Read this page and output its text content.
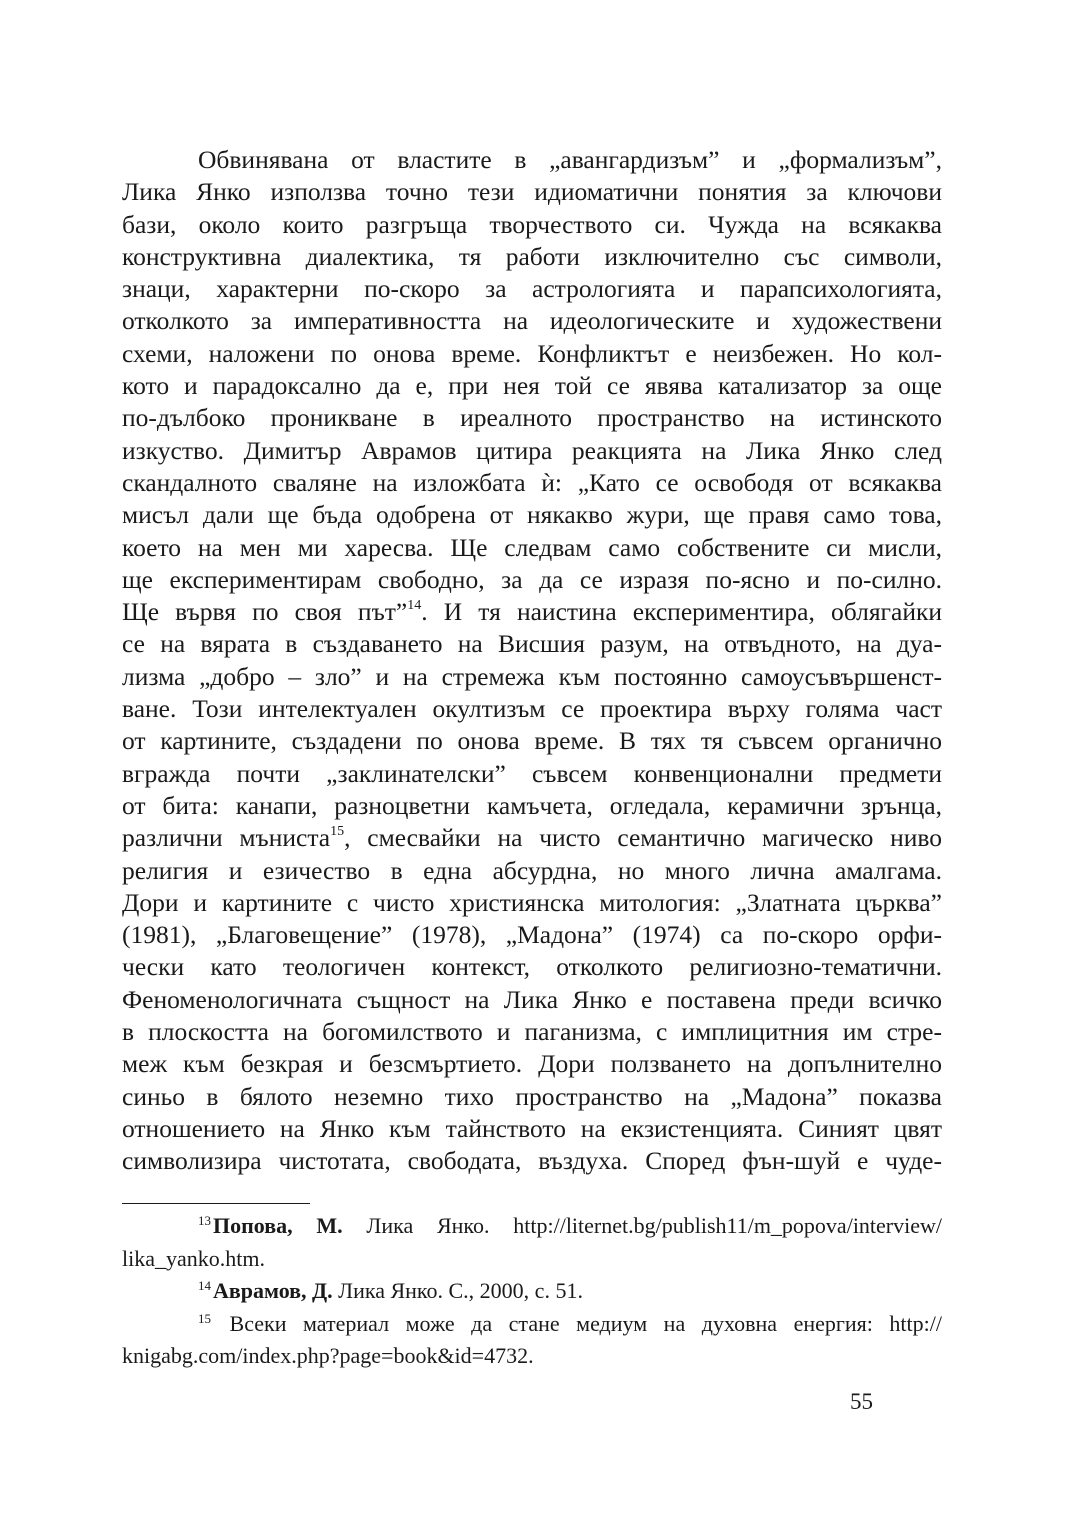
Обвинявана от властите в „авангардизъм” и „формализъм”,
Лика Янко използва точно тези идиоматични понятия за ключови
бази, около които разгръща творчеството си. Чужда на всякаква
конструктивна диалектика, тя работи изключително със символи,
знаци, характерни по-скоро за астрологията и парапсихологията,
отколкото за императивността на идеологическите и художествени
схеми, наложени по онова време. Конфликтът е неизбежен. Но кол-
кото и парадоксално да е, при нея той се явява катализатор за още
по-дълбоко проникване в иреалното пространство на истинското
изкуство. Димитър Аврамов цитира реакцията на Лика Янко след
скандалното сваляне на изложбата ѝ: „Като се освободя от всякаква
мисъл дали ще бъда одобрена от някакво жури, ще правя само това,
което на мен ми харесва. Ще следвам само собствените си мисли,
ще експериментирам свободно, за да се изразя по-ясно и по-силно.
Ще вървя по своя път”$^{14}$. И тя наистина експериментира, облягайки
се на вярата в създаването на Висшия разум, на отвъдното, на дуа-
лизма „добро – зло” и на стремежа към постоянно самоусъвършенст-
ване. Този интелектуален окултизъм се проектира върху голяма част
от картините, създадени по онова време. В тях тя съвсем органично
вгражда почти „заклинателски” съвсем конвенционални предмети
от бита: канапи, разноцветни камъчета, огледала, керамични зрънца,
различни мъниста$^{15}$, смесвайки на чисто семантично магическо ниво
религия и езичество в една абсурдна, но много лична амалгама.
Дори и картините с чисто християнска митология: „Златната църква”
(1981), „Благовещение” (1978), „Мадона” (1974) са по-скоро орфи-
чески като теологичен контекст, отколкото религиозно-тематични.
Феноменологичната същност на Лика Янко е поставена преди всичко
в плоскостта на богомилството и паганизма, с имплицитния им стре-
меж към безкрая и безсмъртието. Дори ползването на допълнително
синьо в бялото неземно тихо пространство на „Мадона” показва
отношението на Янко към тайнството на екзистенцията. Синият цвят
символизира чистотата, свободата, въздуха. Според фън-шуй е чуде-
$^{13}$Попова, М. Лика Янко. http://liternet.bg/publish11/m_popova/interview/
lika_yanko.htm.
$^{14}$Аврамов, Д. Лика Янко. С., 2000, с. 51.
$^{15}$ Всеки материал може да стане медиум на духовна енергия: http://
knigabg.com/index.php?page=book&id=4732.
55
